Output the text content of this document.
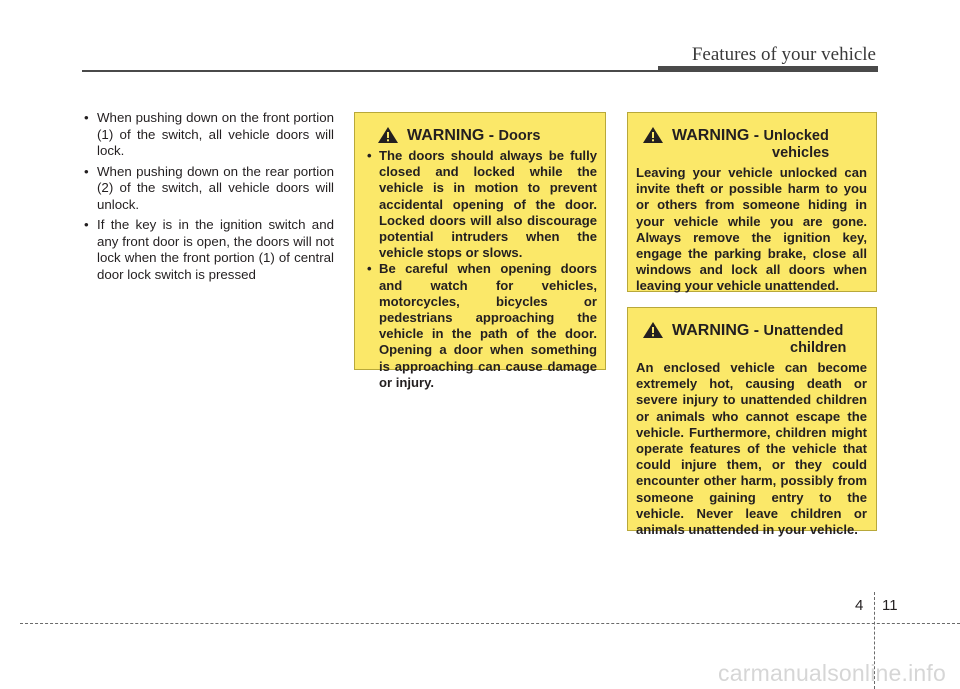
Features of your vehicle
• When pushing down on the front portion (1) of the switch, all vehicle doors will lock.
• When pushing down on the rear portion (2) of the switch, all vehicle doors will unlock.
• If the key is in the ignition switch and any front door is open, the doors will not lock when the front portion (1) of central door lock switch is pressed
WARNING - Doors
• The doors should always be fully closed and locked while the vehicle is in motion to prevent accidental opening of the door. Locked doors will also discourage potential intruders when the vehicle stops or slows.
• Be careful when opening doors and watch for vehicles, motorcycles, bicycles or pedestrians approaching the vehicle in the path of the door. Opening a door when something is approaching can cause damage or injury.
WARNING - Unlocked
vehicles
Leaving your vehicle unlocked can invite theft or possible harm to you or others from someone hiding in your vehicle while you are gone. Always remove the ignition key, engage the parking brake, close all windows and lock all doors when leaving your vehicle unattended.
WARNING - Unattended
children
An enclosed vehicle can become extremely hot, causing death or severe injury to unattended children or animals who cannot escape the vehicle. Furthermore, children might operate features of the vehicle that could injure them, or they could encounter other harm, possibly from someone gaining entry to the vehicle. Never leave children or animals unattended in your vehicle.
4 11
carmanualsonline.info
